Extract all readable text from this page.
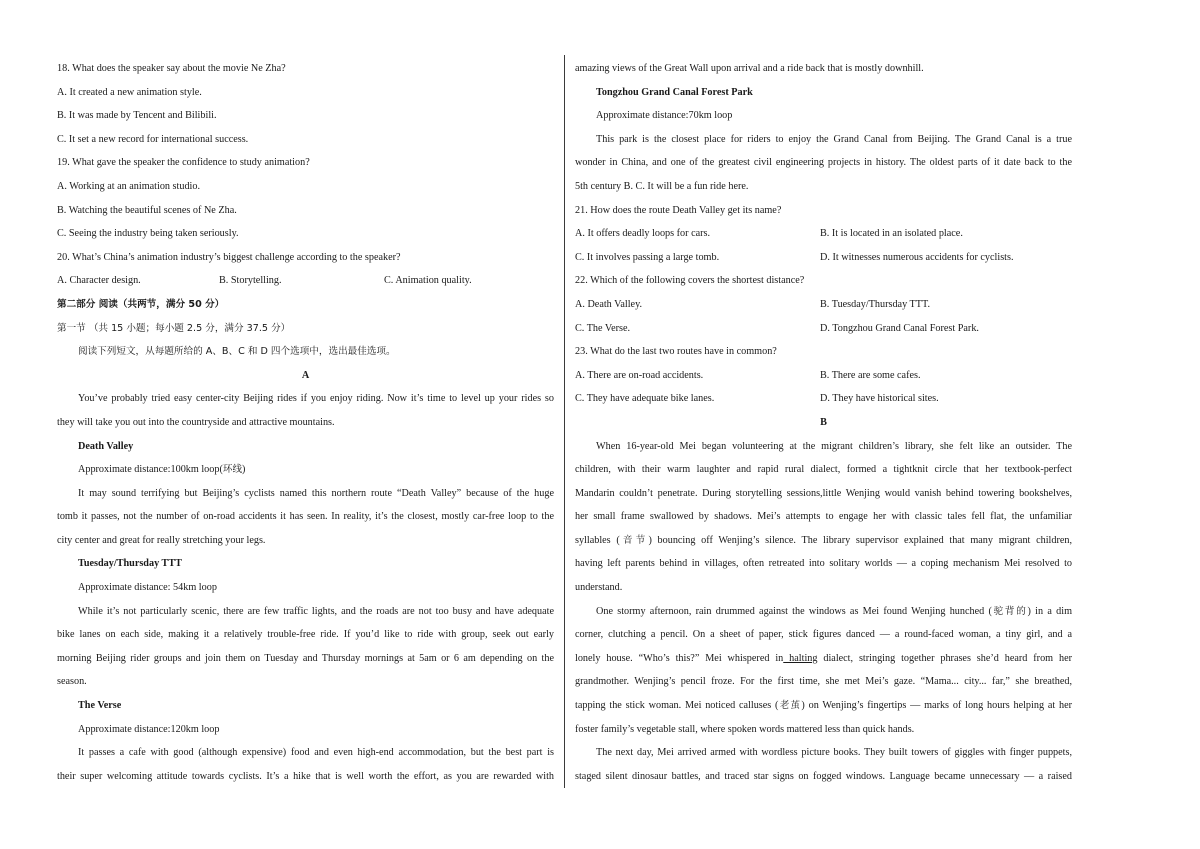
18. What does the speaker say about the movie Ne Zha?
A. It created a new animation style.
B. It was made by Tencent and Bilibili.
C. It set a new record for international success.
19. What gave the speaker the confidence to study animation?
A. Working at an animation studio.
B. Watching the beautiful scenes of Ne Zha.
C. Seeing the industry being taken seriously.
20. What’s China’s animation industry’s biggest challenge according to the speaker?
A. Character design.	B. Storytelling.	C. Animation quality.
第二部分 阅读（共两节，满分 50 分）
第一节 （共 15 小题；每小题 2.5 分，满分 37.5 分）
阅读下列短文，从每题所给的 A、B、C 和 D 四个选项中，选出最佳选项。
A
You’ve probably tried easy center-city Beijing rides if you enjoy riding. Now it’s time to level up your rides so
they will take you out into the countryside and attractive mountains.
Death Valley
Approximate distance:100km loop(环线)
It may sound terrifying but Beijing’s cyclists named this northern route “Death Valley” because of the huge
tomb it passes, not the number of on-road accidents it has seen. In reality, it’s the closest, mostly car-free loop to the
city center and great for really stretching your legs.
Tuesday/Thursday TTT
Approximate distance: 54km loop
While it’s not particularly scenic, there are few traffic lights, and the roads are not too busy and have adequate
bike lanes on each side, making it a relatively trouble-free ride. If you’d like to ride with group, seek out early
morning Beijing rider groups and join them on Tuesday and Thursday mornings at 5am or 6 am depending on the
season.
The Verse
Approximate distance:120km loop
It passes a cafe with good (although expensive) food and even high-end accommodation, but the best part is
their super welcoming attitude towards cyclists. It’s a hike that is well worth the effort, as you are rewarded with
amazing views of the Great Wall upon arrival and a ride back that is mostly downhill.
Tongzhou Grand Canal Forest Park
Approximate distance:70km loop
This park is the closest place for riders to enjoy the Grand Canal from Beijing. The Grand Canal is a true
wonder in China, and one of the greatest civil engineering projects in history. The oldest parts of it date back to the
5th century B. C. It will be a fun ride here.
21. How does the route Death Valley get its name?
A. It offers deadly loops for cars.	B. It is located in an isolated place.
C. It involves passing a large tomb.	D. It witnesses numerous accidents for cyclists.
22. Which of the following covers the shortest distance?
A. Death Valley.	B. Tuesday/Thursday TTT.
C. The Verse.	D. Tongzhou Grand Canal Forest Park.
23. What do the last two routes have in common?
A. There are on-road accidents.	B. There are some cafes.
C. They have adequate bike lanes.	D. They have historical sites.
B
When 16-year-old Mei began volunteering at the migrant children’s library, she felt like an outsider. The
children, with their warm laughter and rapid rural dialect, formed a tightknit circle that her textbook-perfect
Mandarin couldn’t penetrate. During storytelling sessions,little Wenjing would vanish behind towering bookshelves,
her small frame swallowed by shadows. Mei’s attempts to engage her with classic tales fell flat, the unfamiliar
syllables (音节) bouncing off Wenjing’s silence. The library supervisor explained that many migrant children,
having left parents behind in villages, often retreated into solitary worlds — a coping mechanism Mei resolved to
understand.
One stormy afternoon, rain drummed against the windows as Mei found Wenjing hunched (驼背的) in a dim
corner, clutching a pencil. On a sheet of paper, stick figures danced — a round-faced woman, a tiny girl, and a
lonely house. “Who’s this?” Mei whispered in halting dialect, stringing together phrases she’d heard from her
grandmother. Wenjing’s pencil froze. For the first time, she met Mei’s gaze. “Mama... city... far,” she breathed,
tapping the stick woman. Mei noticed calluses (老茧) on Wenjing’s fingertips — marks of long hours helping at her
foster family’s vegetable stall, where spoken words mattered less than quick hands.
The next day, Mei arrived armed with wordless picture books. They built towers of giggles with finger puppets,
staged silent dinosaur battles, and traced star signs on fogged windows. Language became unnecessary — a raised
